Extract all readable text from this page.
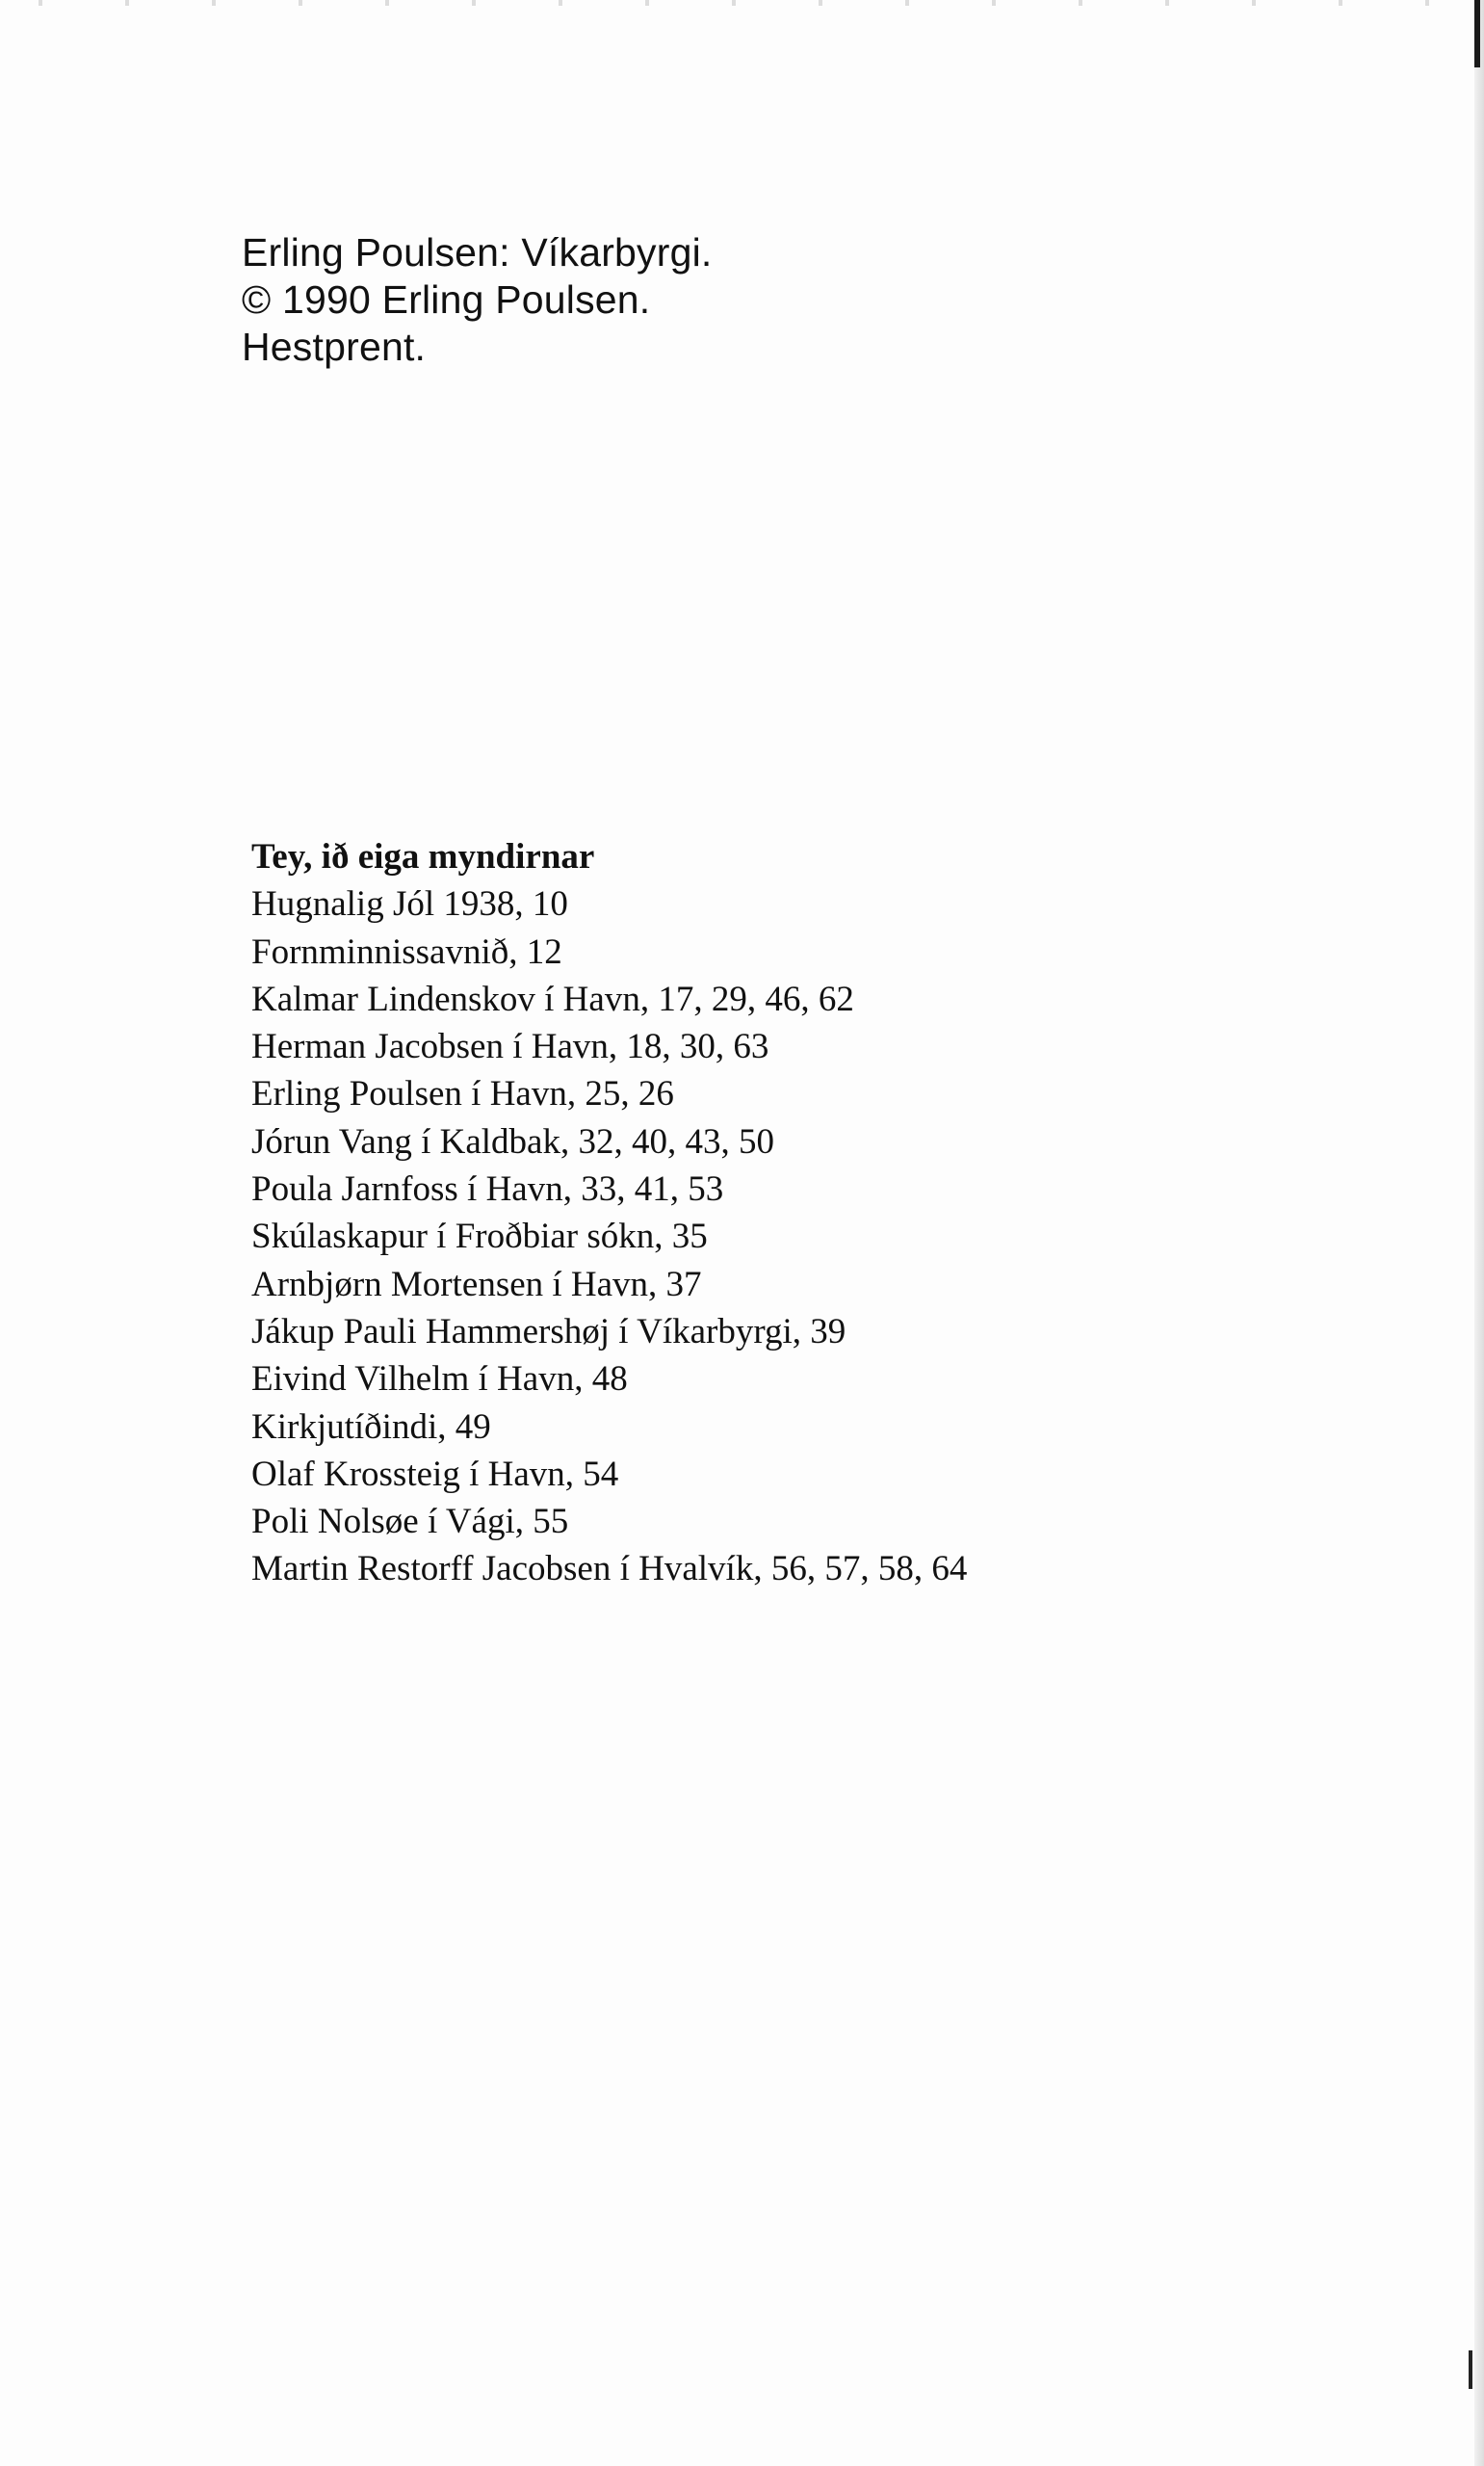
Erling Poulsen: Víkarbyrgi.
© 1990 Erling Poulsen.
Hestprent.
Tey, ið eiga myndirnar
Hugnalig Jól 1938, 10
Fornminnissavnið, 12
Kalmar Lindenskov í Havn, 17, 29, 46, 62
Herman Jacobsen í Havn, 18, 30, 63
Erling Poulsen í Havn, 25, 26
Jórun Vang í Kaldbak, 32, 40, 43, 50
Poula Jarnfoss í Havn, 33, 41, 53
Skúlaskapur í Froðbiar sókn, 35
Arnbjørn Mortensen í Havn, 37
Jákup Pauli Hammershøj í Víkarbyrgi, 39
Eivind Vilhelm í Havn, 48
Kirkjutíðindi, 49
Olaf Krossteig í Havn, 54
Poli Nolsøe í Vági, 55
Martin Restorff Jacobsen í Hvalvík, 56, 57, 58, 64
